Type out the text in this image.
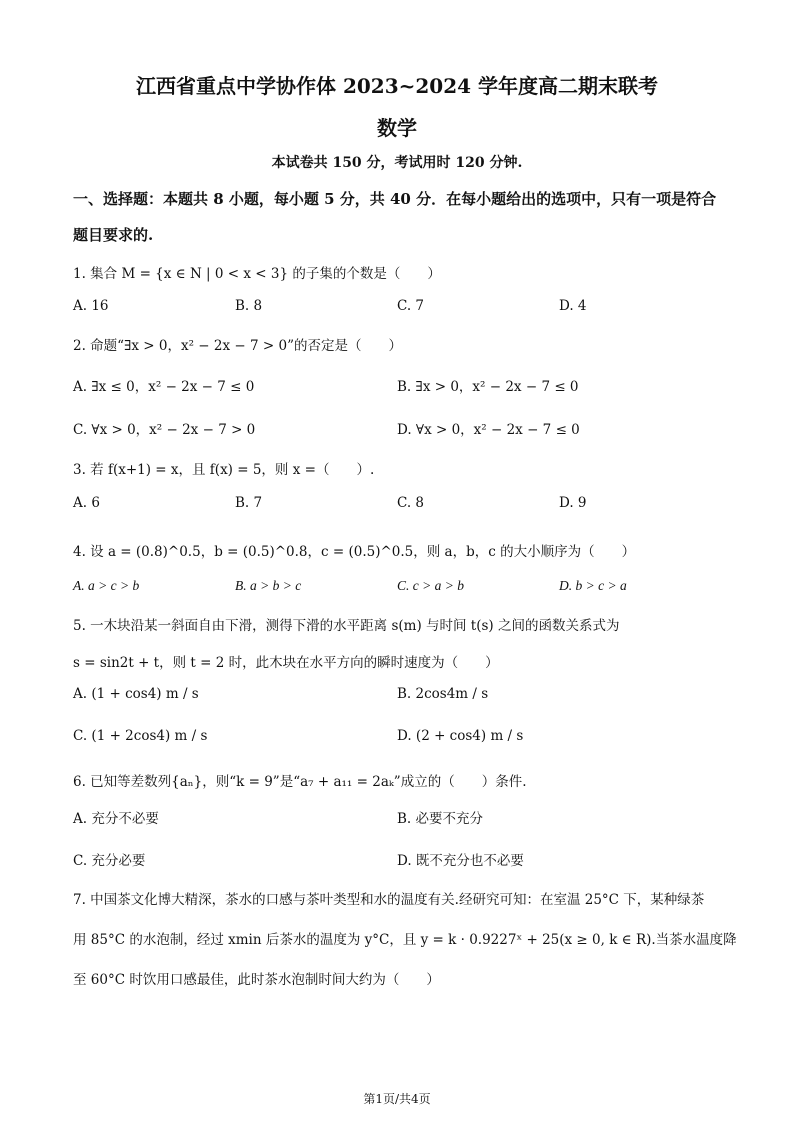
江西省重点中学协作体 2023~2024 学年度高二期末联考
数学
本试卷共 150 分，考试用时 120 分钟.
一、选择题：本题共 8 小题，每小题 5 分，共 40 分．在每小题给出的选项中，只有一项是符合
题目要求的.
1. 集合 M = {x ∈ N | 0 < x < 3} 的子集的个数是（　　）
A. 16	B. 8	C. 7	D. 4
2. 命题“∃x > 0，x² − 2x − 7 > 0”的否定是（　　）
A. ∃x ≤ 0，x² − 2x − 7 ≤ 0	B. ∃x > 0，x² − 2x − 7 ≤ 0
C. ∀x > 0，x² − 2x − 7 > 0	D. ∀x > 0，x² − 2x − 7 ≤ 0
3. 若 f(x+1) = x，且 f(x) = 5，则 x =（　　）.
A. 6	B. 7	C. 8	D. 9
4. 设 a = (0.8)^0.5，b = (0.5)^0.8，c = (0.5)^0.5，则 a，b，c 的大小顺序为（　　）
A. a > c > b	B. a > b > c	C. c > a > b	D. b > c > a
5. 一木块沿某一斜面自由下滑，测得下滑的水平距离 s(m) 与时间 t(s) 之间的函数关系式为
s = sin2t + t，则 t = 2 时，此木块在水平方向的瞬时速度为（　　）
A. (1 + cos4) m / s	B. 2cos4m / s
C. (1 + 2cos4) m / s	D. (2 + cos4) m / s
6. 已知等差数列{aₙ}，则“k = 9”是“a₇ + a₁₁ = 2aₖ”成立的（　　）条件.
A. 充分不必要	B. 必要不充分
C. 充分必要	D. 既不充分也不必要
7. 中国茶文化博大精深，茶水的口感与茶叶类型和水的温度有关.经研究可知：在室温 25°C 下，某种绿茶
用 85°C 的水泡制，经过 xmin 后茶水的温度为 y°C，且 y = k · 0.9227ˣ + 25(x ≥ 0, k ∈ R).当茶水温度降
至 60°C 时饮用口感最佳，此时茶水泡制时间大约为（　　）
第1页/共4页
